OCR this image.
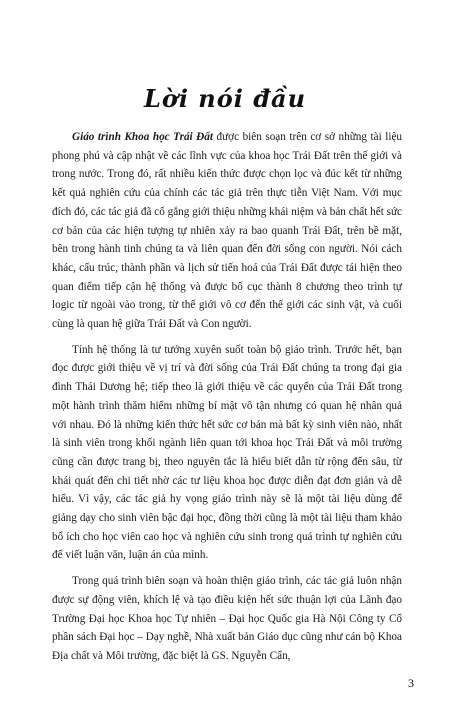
Lời nói đầu

Giáo trình Khoa học Trái Đất được biên soạn trên cơ sở những tài liệu phong phú và cập nhật về các lĩnh vực của khoa học Trái Đất trên thế giới và trong nước. Trong đó, rất nhiều kiến thức được chọn lọc và đúc kết từ những kết quả nghiên cứu của chính các tác giả trên thực tiễn Việt Nam. Với mục đích đó, các tác giả đã cố gắng giới thiệu những khái niệm và bản chất hết sức cơ bản của các hiện tượng tự nhiên xảy ra bao quanh Trái Đất, trên bề mặt, bên trong hành tinh chúng ta và liên quan đến đời sống con người. Nói cách khác, cấu trúc, thành phần và lịch sử tiến hoá của Trái Đất được tái hiện theo quan điểm tiếp cận hệ thống và được bố cục thành 8 chương theo trình tự logic từ ngoài vào trong, từ thế giới vô cơ đến thế giới các sinh vật, và cuối cùng là quan hệ giữa Trái Đất và Con người.

Tính hệ thống là tư tưởng xuyên suốt toàn bộ giáo trình. Trước hết, bạn đọc được giới thiệu về vị trí và đời sống của Trái Đất chúng ta trong đại gia đình Thái Dương hệ; tiếp theo là giới thiệu về các quyển của Trái Đất trong một hành trình thăm hiểm những bí mật vô tận nhưng có quan hệ nhân quả với nhau. Đó là những kiến thức hết sức cơ bản mà bất kỳ sinh viên nào, nhất là sinh viên trong khối ngành liên quan tới khoa học Trái Đất và môi trường cũng cần được trang bị, theo nguyên tắc là hiểu biết dẫn từ rộng đến sâu, từ khái quát đến chi tiết nhờ các tư liệu khoa học được diễn đạt đơn giản và dễ hiểu. Vì vậy, các tác giả hy vọng giáo trình này sẽ là một tài liệu dùng để giảng dạy cho sinh viên bậc đại học, đồng thời cũng là một tài liệu tham khảo bổ ích cho học viên cao học và nghiên cứu sinh trong quá trình tự nghiên cứu để viết luận văn, luận án của mình.

Trong quá trình biên soạn và hoàn thiện giáo trình, các tác giả luôn nhận được sự động viên, khích lệ và tạo điều kiện hết sức thuận lợi của Lãnh đạo Trường Đại học Khoa học Tự nhiên – Đại học Quốc gia Hà Nội Công ty Cổ phần sách Đại học – Dạy nghề, Nhà xuất bản Giáo dục cũng như cán bộ Khoa Địa chất và Môi trường, đặc biệt là GS. Nguyễn Cẩn,

3
